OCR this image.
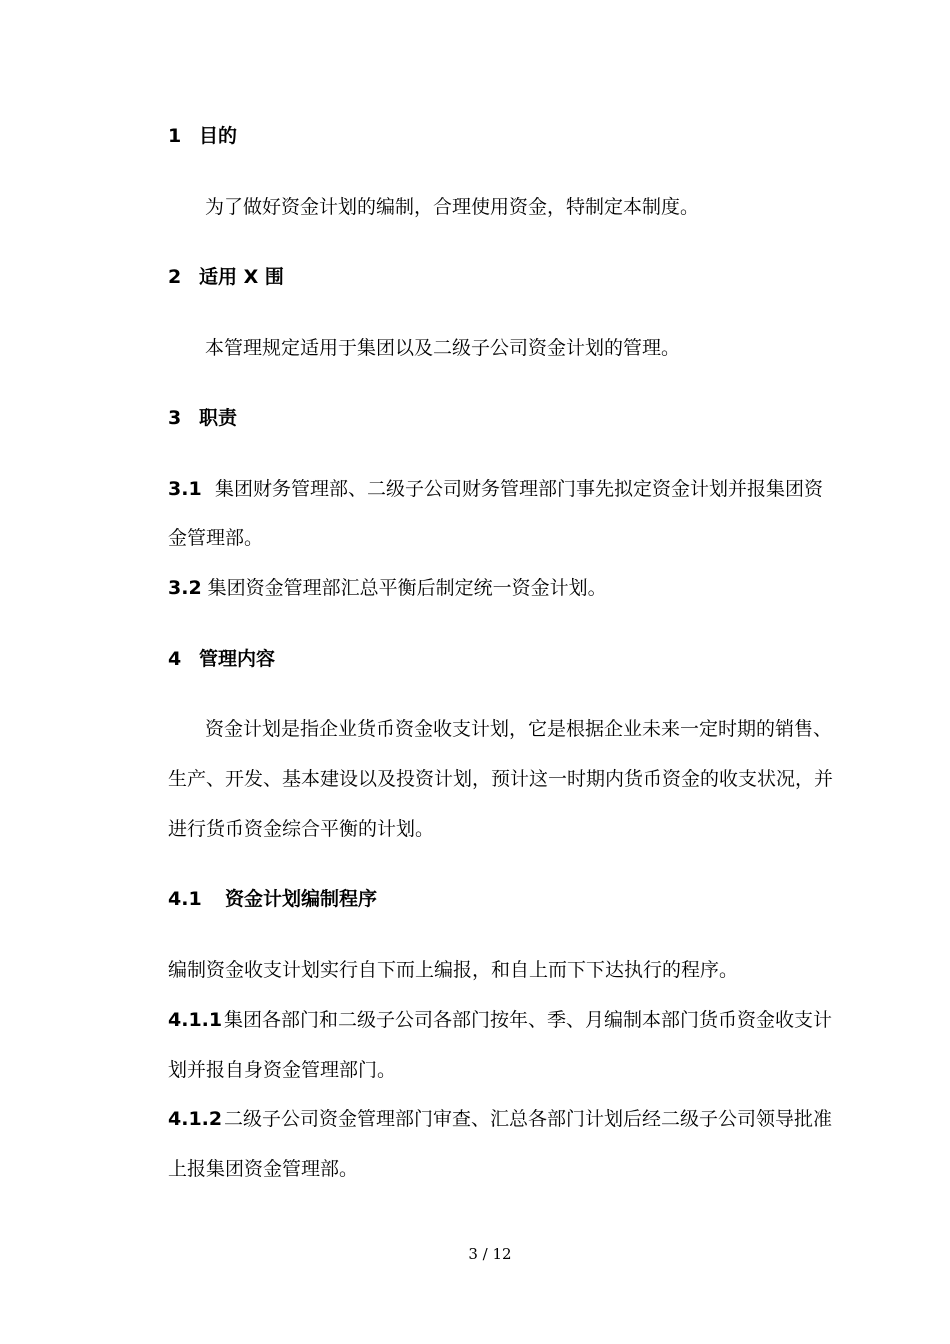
1 目的
为了做好资金计划的编制，合理使用资金，特制定本制度。
2 适用 X 围
本管理规定适用于集团以及二级子公司资金计划的管理。
3 职责
3.1 集团财务管理部、二级子公司财务管理部门事先拟定资金计划并报集团资
金管理部。
3.2 集团资金管理部汇总平衡后制定统一资金计划。
4 管理内容
资金计划是指企业货币资金收支计划，它是根据企业未来一定时期的销售、
生产、开发、基本建设以及投资计划，预计这一时期内货币资金的收支状况，并
进行货币资金综合平衡的计划。
4.1 资金计划编制程序
编制资金收支计划实行自下而上编报，和自上而下下达执行的程序。
4.1.1集团各部门和二级子公司各部门按年、季、月编制本部门货币资金收支计
划并报自身资金管理部门。
4.1.2二级子公司资金管理部门审查、汇总各部门计划后经二级子公司领导批准
上报集团资金管理部。
3 / 12
